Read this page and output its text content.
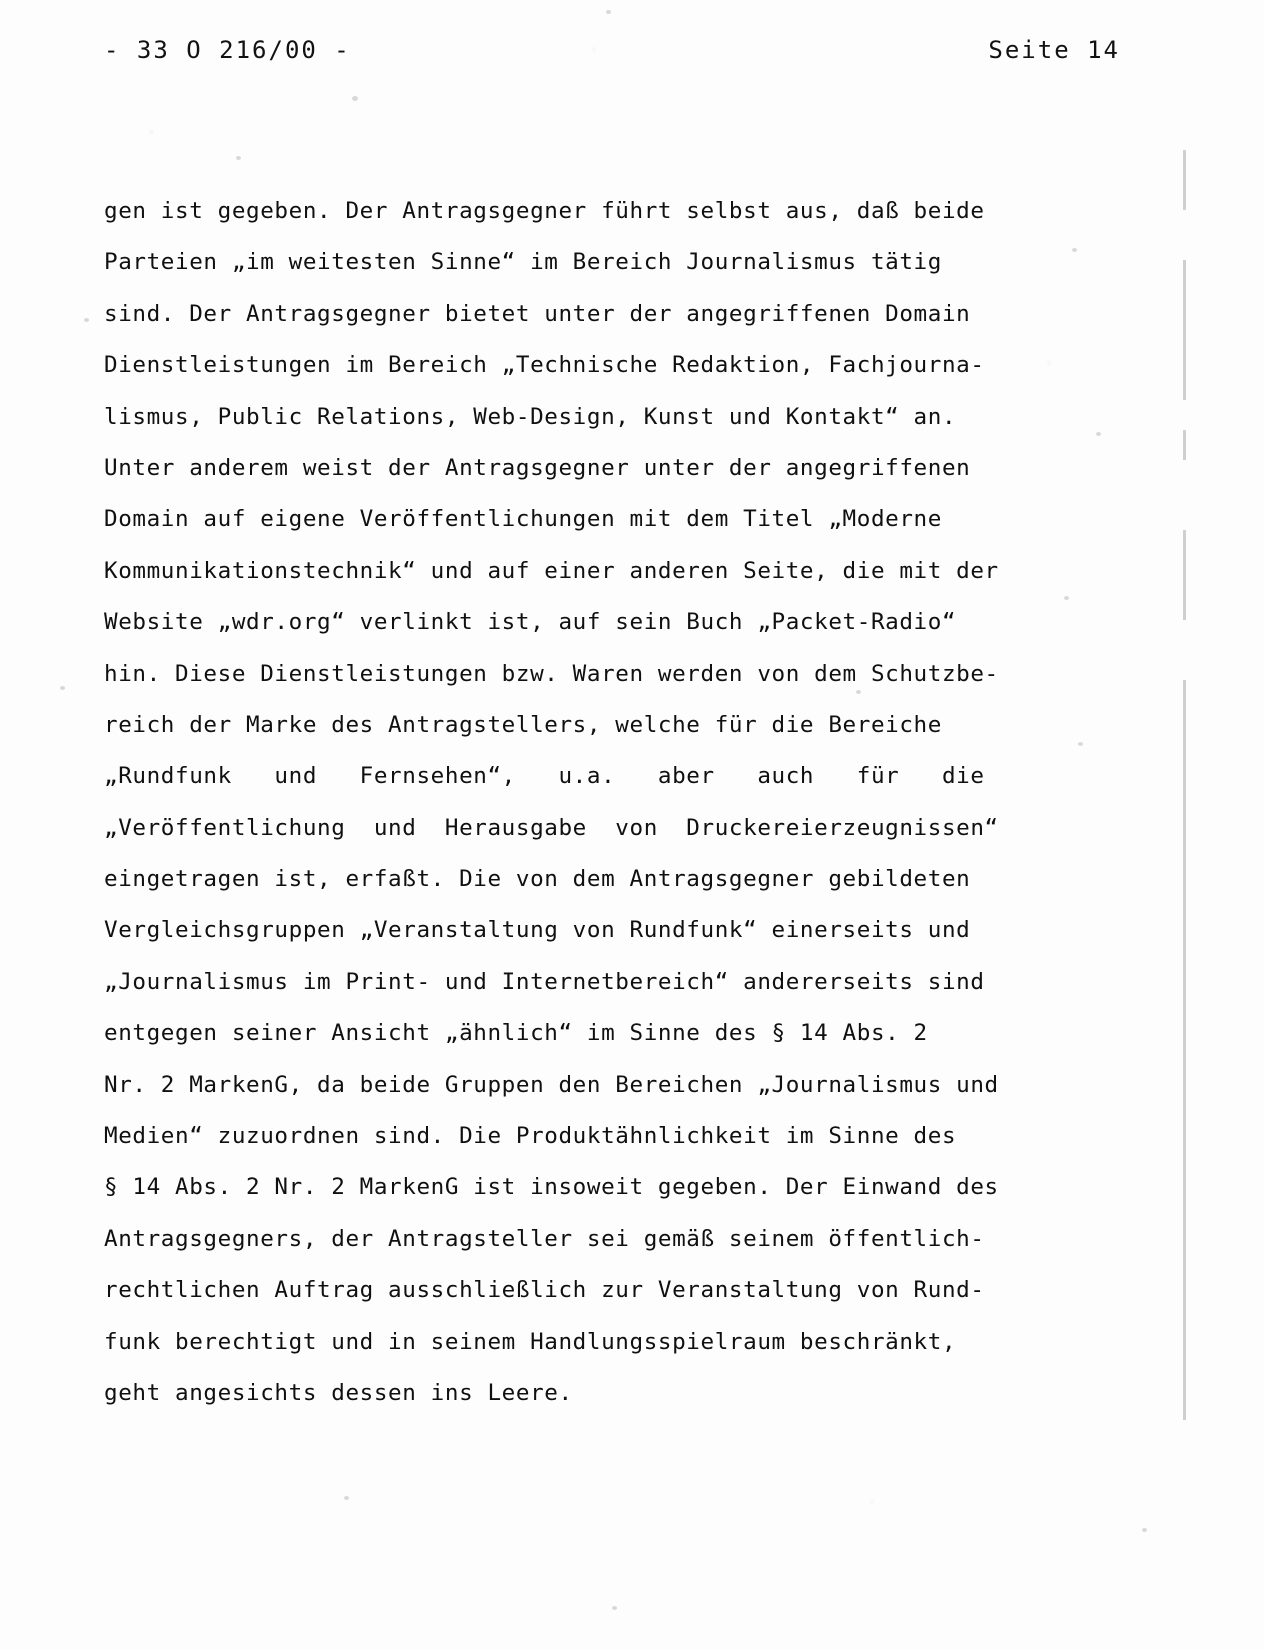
- 33 O 216/00 -	Seite 14
gen ist gegeben. Der Antragsgegner führt selbst aus, daß beide
Parteien „im weitesten Sinne“ im Bereich Journalismus tätig
sind. Der Antragsgegner bietet unter der angegriffenen Domain
Dienstleistungen im Bereich „Technische Redaktion, Fachjourna-
lismus, Public Relations, Web-Design, Kunst und Kontakt“ an.
Unter anderem weist der Antragsgegner unter der angegriffenen
Domain auf eigene Veröffentlichungen mit dem Titel „Moderne
Kommunikationstechnik“ und auf einer anderen Seite, die mit der
Website „wdr.org“ verlinkt ist, auf sein Buch „Packet-Radio“
hin. Diese Dienstleistungen bzw. Waren werden von dem Schutzbe-
reich der Marke des Antragstellers, welche für die Bereiche
„Rundfunk   und   Fernsehen“,   u.a.   aber   auch   für   die
„Veröffentlichung  und  Herausgabe  von  Druckereierzeugnissen“
eingetragen ist, erfaßt. Die von dem Antragsgegner gebildeten
Vergleichsgruppen „Veranstaltung von Rundfunk“ einerseits und
„Journalismus im Print- und Internetbereich“ andererseits sind
entgegen seiner Ansicht „ähnlich“ im Sinne des § 14 Abs. 2
Nr. 2 MarkenG, da beide Gruppen den Bereichen „Journalismus und
Medien“ zuzuordnen sind. Die Produktähnlichkeit im Sinne des
§ 14 Abs. 2 Nr. 2 MarkenG ist insoweit gegeben. Der Einwand des
Antragsgegners, der Antragsteller sei gemäß seinem öffentlich-
rechtlichen Auftrag ausschließlich zur Veranstaltung von Rund-
funk berechtigt und in seinem Handlungsspielraum beschränkt,
geht angesichts dessen ins Leere.
